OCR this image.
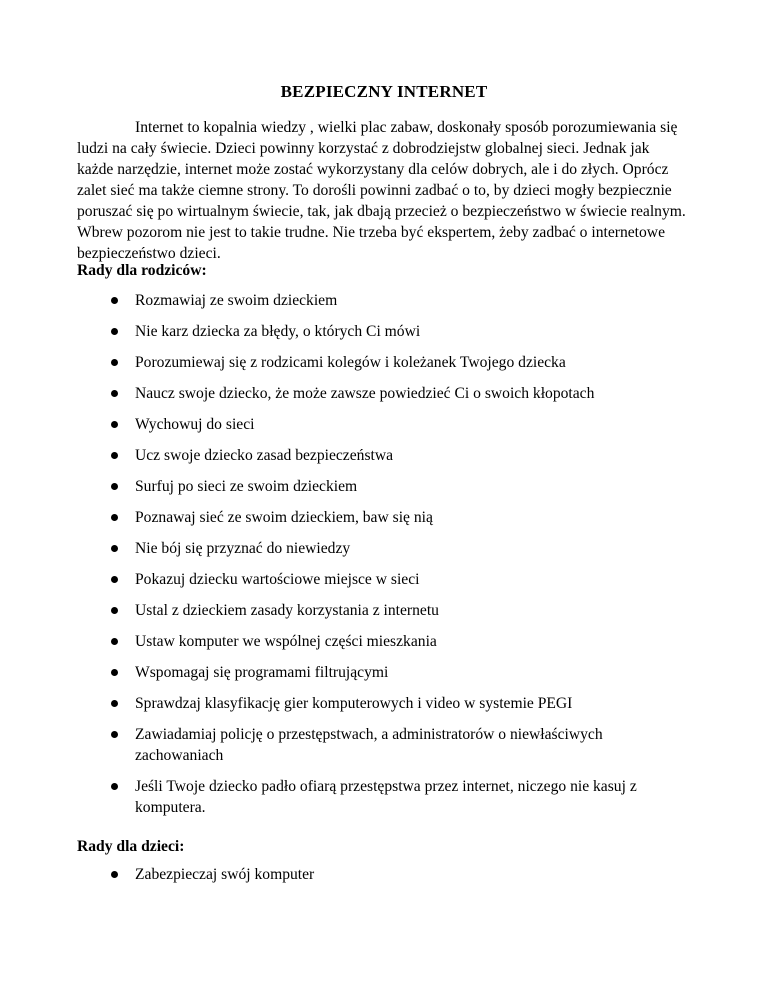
BEZPIECZNY INTERNET

Internet to kopalnia wiedzy , wielki plac zabaw, doskonały sposób porozumiewania się ludzi na cały świecie. Dzieci powinny korzystać z dobrodziejstw globalnej sieci. Jednak jak każde narzędzie, internet może zostać wykorzystany dla celów dobrych, ale i do złych. Oprócz zalet sieć ma także ciemne strony. To dorośli powinni zadbać o to, by dzieci mogły bezpiecznie poruszać się po wirtualnym świecie, tak, jak dbają przecież o bezpieczeństwo w świecie realnym. Wbrew pozorom nie jest to takie trudne. Nie trzeba być ekspertem, żeby zadbać o internetowe bezpieczeństwo dzieci.

Rady dla rodziców:
Rozmawiaj ze swoim dzieckiem
Nie karz dziecka za błędy, o których Ci mówi
Porozumiewaj się z rodzicami kolegów i koleżanek Twojego dziecka
Naucz swoje dziecko, że może zawsze powiedzieć Ci o swoich kłopotach
Wychowuj do sieci
Ucz swoje dziecko zasad bezpieczeństwa
Surfuj po sieci ze swoim dzieckiem
Poznawaj sieć ze swoim dzieckiem, baw się nią
Nie bój się przyznać do niewiedzy
Pokazuj dziecku wartościowe miejsce w sieci
Ustal z dzieckiem zasady korzystania z internetu
Ustaw komputer we wspólnej części mieszkania
Wspomagaj się programami filtrującymi
Sprawdzaj klasyfikację gier komputerowych i video w systemie PEGI
Zawiadamiaj policję o przestępstwach, a administratorów o niewłaściwych zachowaniach
Jeśli Twoje dziecko padło ofiarą przestępstwa przez internet, niczego nie kasuj z komputera.
Rady dla dzieci:
Zabezpieczaj swój komputer
